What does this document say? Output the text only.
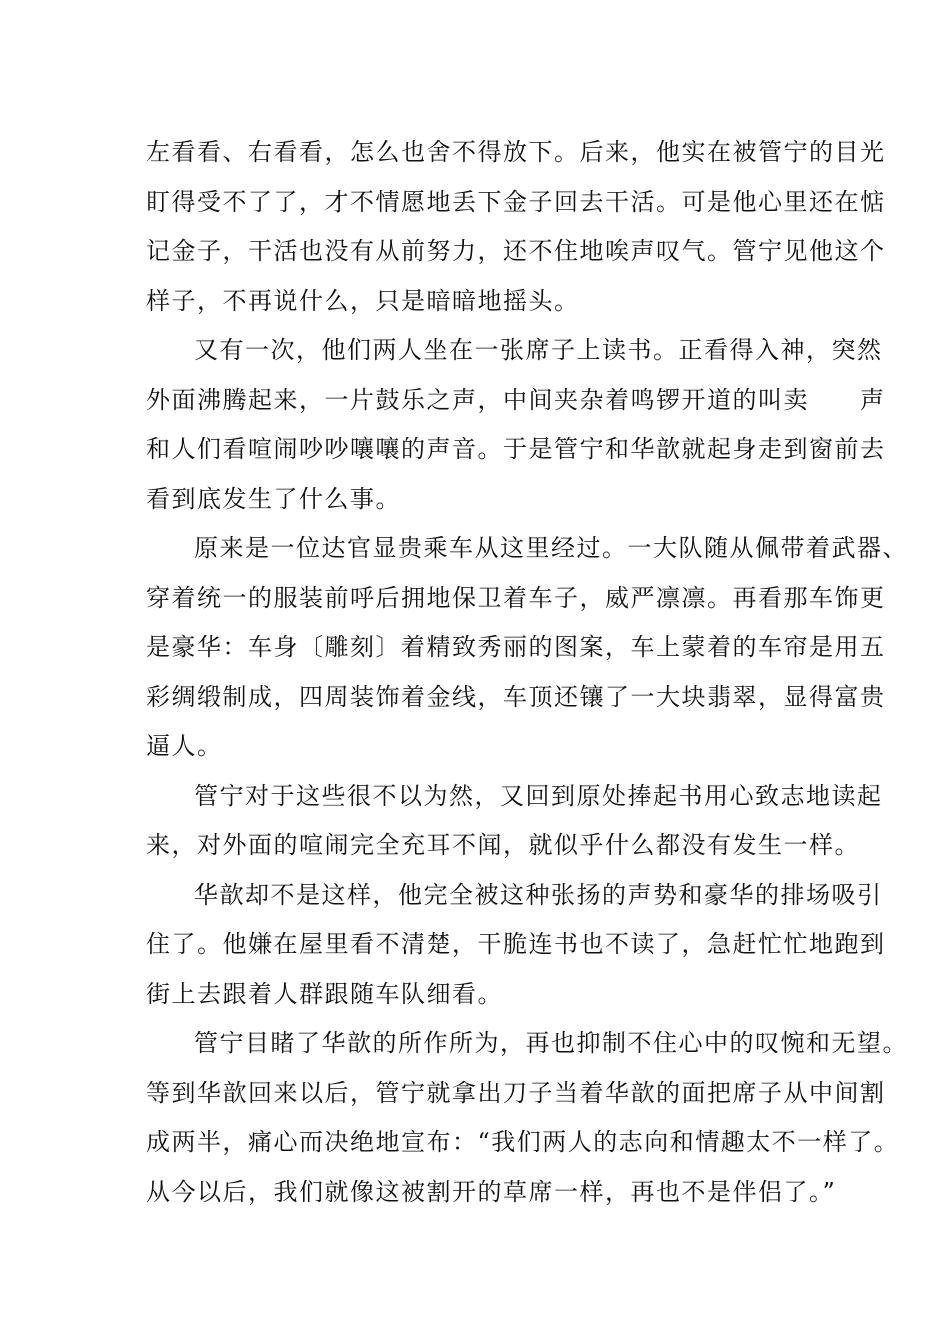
左看看、右看看，怎么也舍不得放下。后来，他实在被管宁的目光
盯得受不了了，才不情愿地丢下金子回去干活。可是他心里还在惦
记金子，干活也没有从前努力，还不住地唉声叹气。管宁见他这个
样子，不再说什么，只是暗暗地摇头。
又有一次，他们两人坐在一张席子上读书。正看得入神，突然
外面沸腾起来，一片鼓乐之声，中间夹杂着鸣锣开道的叫卖　　声
和人们看喧闹吵吵嚷嚷的声音。于是管宁和华歆就起身走到窗前去
看到底发生了什么事。
原来是一位达官显贵乘车从这里经过。一大队随从佩带着武器、
穿着统一的服装前呼后拥地保卫着车子，威严凛凛。再看那车饰更
是豪华：车身〔雕刻〕着精致秀丽的图案，车上蒙着的车帘是用五
彩绸缎制成，四周装饰着金线，车顶还镶了一大块翡翠，显得富贵
逼人。
管宁对于这些很不以为然，又回到原处捧起书用心致志地读起
来，对外面的喧闹完全充耳不闻，就似乎什么都没有发生一样。
华歆却不是这样，他完全被这种张扬的声势和豪华的排场吸引
住了。他嫌在屋里看不清楚，干脆连书也不读了，急赶忙忙地跑到
街上去跟着人群跟随车队细看。
管宁目睹了华歆的所作所为，再也抑制不住心中的叹惋和无望。
等到华歆回来以后，管宁就拿出刀子当着华歆的面把席子从中间割
成两半，痛心而决绝地宣布：“我们两人的志向和情趣太不一样了。
从今以后，我们就像这被割开的草席一样，再也不是伴侣了。”
